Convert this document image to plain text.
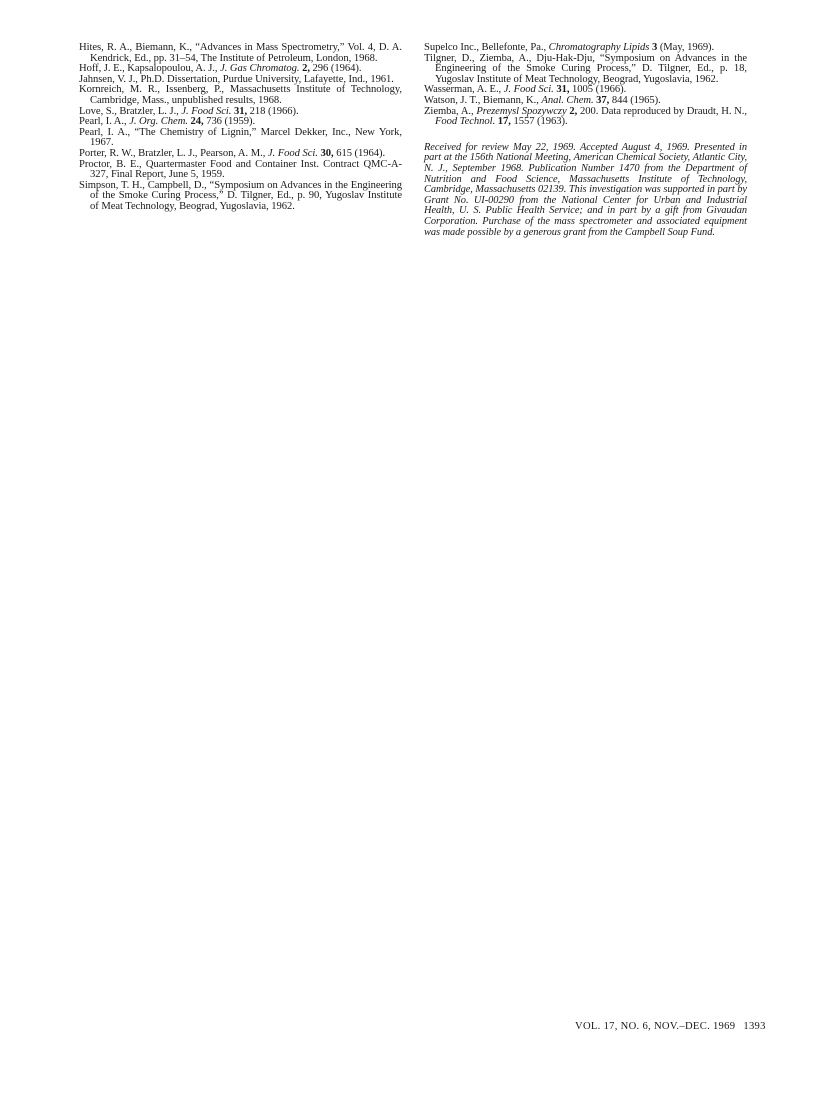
Hites, R. A., Biemann, K., “Advances in Mass Spectrometry,” Vol. 4, D. A. Kendrick, Ed., pp. 31–54, The Institute of Petroleum, London, 1968.

Hoff, J. E., Kapsalopoulou, A. J., J. Gas Chromatog. 2, 296 (1964).

Jahnsen, V. J., Ph.D. Dissertation, Purdue University, Lafayette, Ind., 1961.

Kornreich, M. R., Issenberg, P., Massachusetts Institute of Technology, Cambridge, Mass., unpublished results, 1968.

Love, S., Bratzler, L. J., J. Food Sci. 31, 218 (1966).

Pearl, I. A., J. Org. Chem. 24, 736 (1959).

Pearl, I. A., “The Chemistry of Lignin,” Marcel Dekker, Inc., New York, 1967.

Porter, R. W., Bratzler, L. J., Pearson, A. M., J. Food Sci. 30, 615 (1964).

Proctor, B. E., Quartermaster Food and Container Inst. Contract QMC-A-327, Final Report, June 5, 1959.

Simpson, T. H., Campbell, D., “Symposium on Advances in the Engineering of the Smoke Curing Process,” D. Tilgner, Ed., p. 90, Yugoslav Institute of Meat Technology, Beograd, Yugoslavia, 1962.

Supelco Inc., Bellefonte, Pa., Chromatography Lipids 3 (May, 1969).

Tilgner, D., Ziemba, A., Dju-Hak-Dju, “Symposium on Advances in the Engineering of the Smoke Curing Process,” D. Tilgner, Ed., p. 18, Yugoslav Institute of Meat Technology, Beograd, Yugoslavia, 1962.

Wasserman, A. E., J. Food Sci. 31, 1005 (1966).

Watson, J. T., Biemann, K., Anal. Chem. 37, 844 (1965).

Ziemba, A., Prezemysl Spozywczy 2, 200. Data reproduced by Draudt, H. N., Food Technol. 17, 1557 (1963).

Received for review May 22, 1969. Accepted August 4, 1969. Presented in part at the 156th National Meeting, American Chemical Society, Atlantic City, N. J., September 1968. Publication Number 1470 from the Department of Nutrition and Food Science, Massachusetts Institute of Technology, Cambridge, Massachusetts 02139. This investigation was supported in part by Grant No. UI-00290 from the National Center for Urban and Industrial Health, U. S. Public Health Service; and in part by a gift from Givaudan Corporation. Purchase of the mass spectrometer and associated equipment was made possible by a generous grant from the Campbell Soup Fund.
VOL. 17, NO. 6, NOV.–DEC. 1969 1393
